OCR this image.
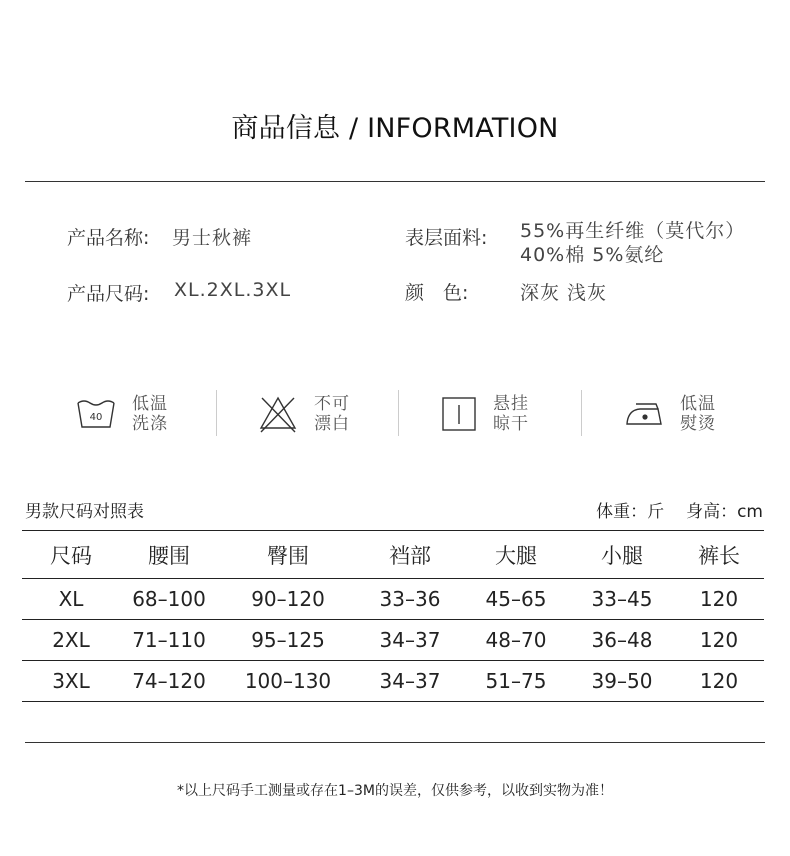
商品信息 / INFORMATION
产品名称: 男士秋裤
产品尺码: XL.2XL.3XL
表层面料: 55%再生纤维（莫代尔）
40%棉 5%氨纶
颜　色:	深灰 浅灰
40
低温
洗涤
不可
漂白
悬挂
晾干
低温
熨烫
男款尺码对照表	体重：斤 身高：cm
尺码	腰围	臀围	裆部	大腿	小腿	裤长
XL	68–100	90–120	33–36	45–65	33–45	120
2XL	71–110	95–125	34–37	48–70	36–48	120
3XL	74–120	100–130	34–37	51–75	39–50	120
*以上尺码手工测量或存在1–3M的误差，仅供参考，以收到实物为准！
